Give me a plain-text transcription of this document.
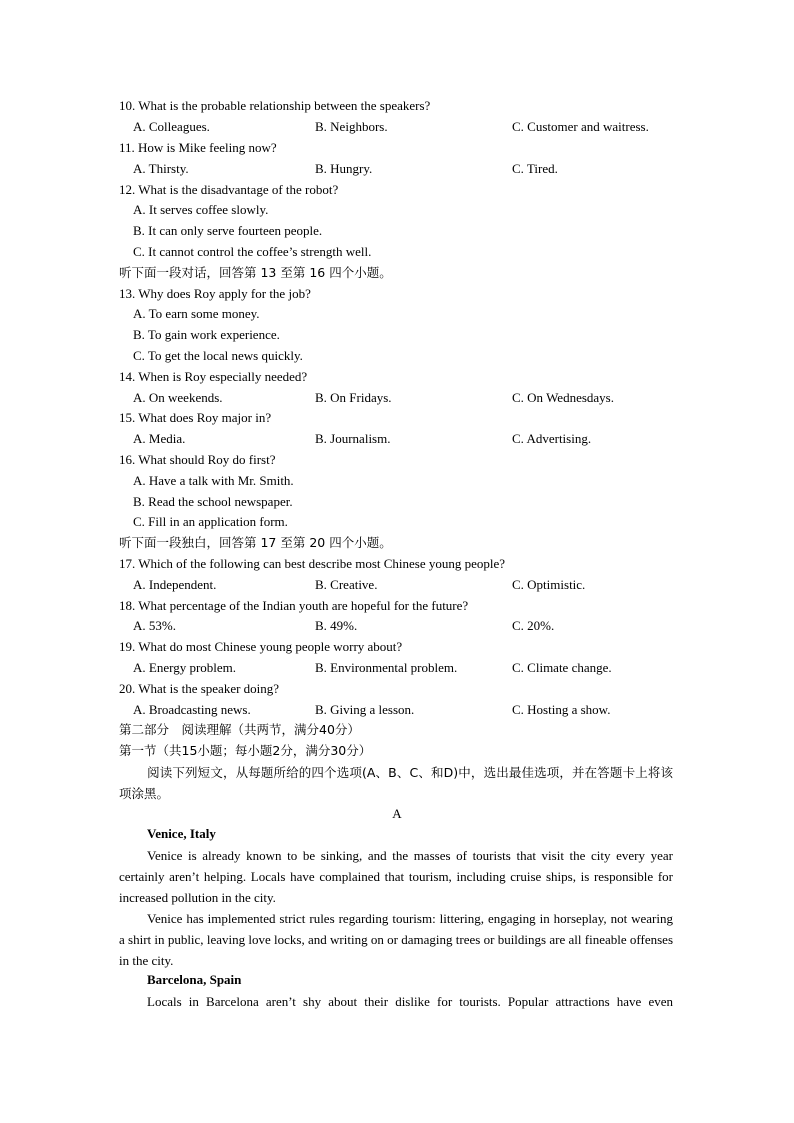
10. What is the probable relationship between the speakers?
A. Colleagues.	B. Neighbors.	C. Customer and waitress.
11. How is Mike feeling now?
A. Thirsty.	B. Hungry.	C. Tired.
12. What is the disadvantage of the robot?
A. It serves coffee slowly.
B. It can only serve fourteen people.
C. It cannot control the coffee’s strength well.
听下面一段对话，回答第 13 至第 16 四个小题。
13. Why does Roy apply for the job?
A. To earn some money.
B. To gain work experience.
C. To get the local news quickly.
14. When is Roy especially needed?
A. On weekends.	B. On Fridays.	C. On Wednesdays.
15. What does Roy major in?
A. Media.	B. Journalism.	C. Advertising.
16. What should Roy do first?
A. Have a talk with Mr. Smith.
B. Read the school newspaper.
C. Fill in an application form.
听下面一段独白，回答第 17 至第 20 四个小题。
17. Which of the following can best describe most Chinese young people?
A. Independent.	B. Creative.	C. Optimistic.
18. What percentage of the Indian youth are hopeful for the future?
A. 53%.	B. 49%.	C. 20%.
19. What do most Chinese young people worry about?
A. Energy problem.	B. Environmental problem.	C. Climate change.
20. What is the speaker doing?
A. Broadcasting news.	B. Giving a lesson.	C. Hosting a show.
第二部分　阅读理解（共两节，满分40分）
第一节（共15小题；每小题2分，满分30分）
阅读下列短文，从每题所给的四个选项(A、B、C、和D)中，选出最佳选项，并在答题卡上将该项涂黑。
A
Venice, Italy
Venice is already known to be sinking, and the masses of tourists that visit the city every year certainly aren’t helping. Locals have complained that tourism, including cruise ships, is responsible for increased pollution in the city.
Venice has implemented strict rules regarding tourism: littering, engaging in horseplay, not wearing a shirt in public, leaving love locks, and writing on or damaging trees or buildings are all fineable offenses in the city.
Barcelona, Spain
Locals in Barcelona aren’t shy about their dislike for tourists. Popular attractions have even
